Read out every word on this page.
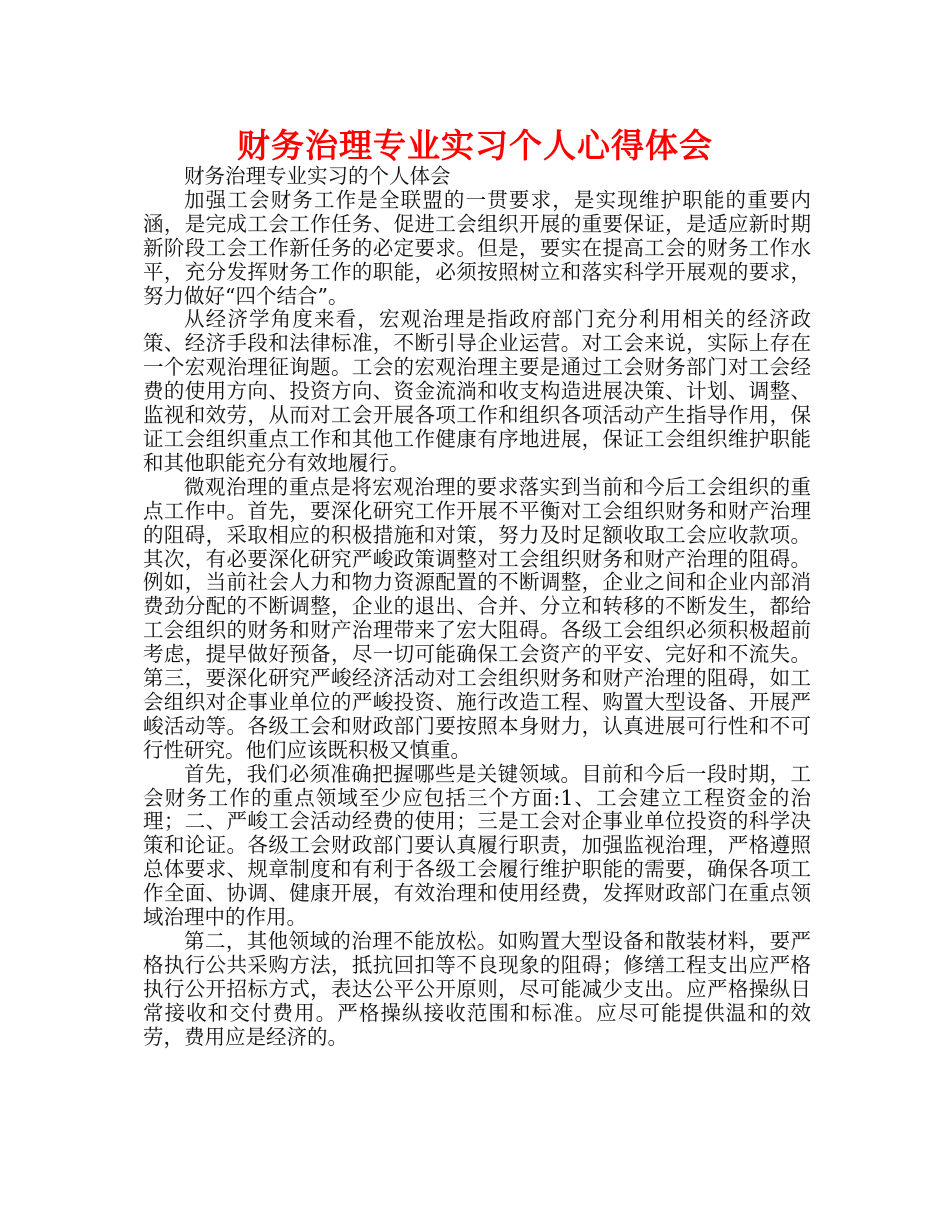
财务治理专业实习个人心得体会

财务治理专业实习的个人体会

加强工会财务工作是全联盟的一贯要求，是实现维护职能的重要内涵，是完成工会工作任务、促进工会组织开展的重要保证，是适应新时期新阶段工会工作新任务的必定要求。但是，要实在提高工会的财务工作水平，充分发挥财务工作的职能，必须按照树立和落实科学开展观的要求，努力做好“四个结合”。

从经济学角度来看，宏观治理是指政府部门充分利用相关的经济政策、经济手段和法律标准，不断引导企业运营。对工会来说，实际上存在一个宏观治理征询题。工会的宏观治理主要是通过工会财务部门对工会经费的使用方向、投资方向、资金流淌和收支构造进展决策、计划、调整、监视和效劳，从而对工会开展各项工作和组织各项活动产生指导作用，保证工会组织重点工作和其他工作健康有序地进展，保证工会组织维护职能和其他职能充分有效地履行。

微观治理的重点是将宏观治理的要求落实到当前和今后工会组织的重点工作中。首先，要深化研究工作开展不平衡对工会组织财务和财产治理的阻碍，采取相应的积极措施和对策，努力及时足额收取工会应收款项。其次，有必要深化研究严峻政策调整对工会组织财务和财产治理的阻碍。例如，当前社会人力和物力资源配置的不断调整，企业之间和企业内部消费劲分配的不断调整，企业的退出、合并、分立和转移的不断发生，都给工会组织的财务和财产治理带来了宏大阻碍。各级工会组织必须积极超前考虑，提早做好预备，尽一切可能确保工会资产的平安、完好和不流失。第三，要深化研究严峻经济活动对工会组织财务和财产治理的阻碍，如工会组织对企事业单位的严峻投资、施行改造工程、购置大型设备、开展严峻活动等。各级工会和财政部门要按照本身财力，认真进展可行性和不可行性研究。他们应该既积极又慎重。

首先，我们必须准确把握哪些是关键领域。目前和今后一段时期，工会财务工作的重点领域至少应包括三个方面:1、工会建立工程资金的治理；二、严峻工会活动经费的使用；三是工会对企事业单位投资的科学决策和论证。各级工会财政部门要认真履行职责，加强监视治理，严格遵照总体要求、规章制度和有利于各级工会履行维护职能的需要，确保各项工作全面、协调、健康开展，有效治理和使用经费，发挥财政部门在重点领域治理中的作用。

第二，其他领域的治理不能放松。如购置大型设备和散装材料，要严格执行公共采购方法，抵抗回扣等不良现象的阻碍；修缮工程支出应严格执行公开招标方式，表达公平公开原则，尽可能减少支出。应严格操纵日常接收和交付费用。严格操纵接收范围和标准。应尽可能提供温和的效劳，费用应是经济的。
